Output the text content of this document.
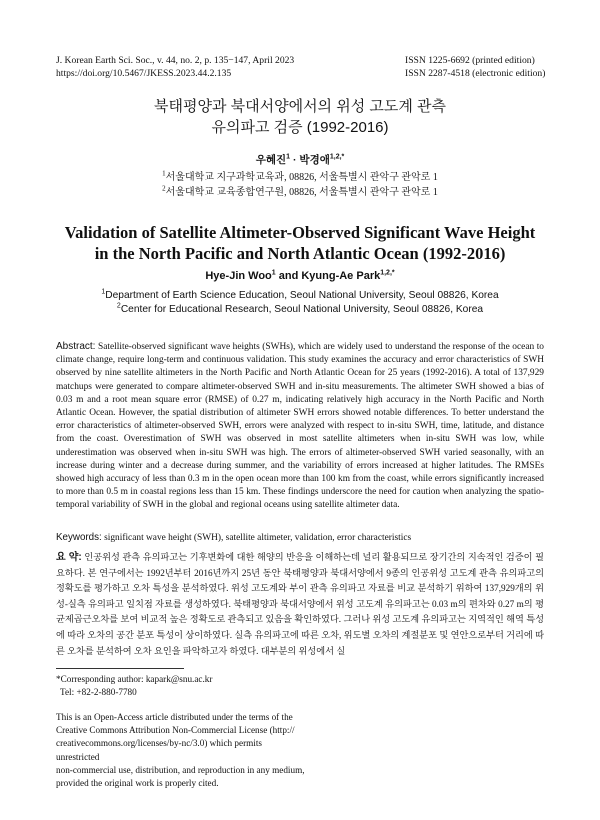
J. Korean Earth Sci. Soc., v. 44, no. 2, p. 135−147, April 2023
https://doi.org/10.5467/JKESS.2023.44.2.135
ISSN 1225-6692 (printed edition)
ISSN 2287-4518 (electronic edition)
북태평양과 북대서양에서의 위성 고도계 관측
유의파고 검증 (1992-2016)
우혜진$^1$ · 박경애$^{1,2,*}$
$^1$서울대학교 지구과학교육과, 08826, 서울특별시 관악구 관악로 1
$^2$서울대학교 교육종합연구원, 08826, 서울특별시 관악구 관악로 1
Validation of Satellite Altimeter-Observed Significant Wave Height
in the North Pacific and North Atlantic Ocean (1992-2016)
Hye-Jin Woo$^1$ and Kyung-Ae Park$^{1,2,*}$
$^1$Department of Earth Science Education, Seoul National University, Seoul 08826, Korea
$^2$Center for Educational Research, Seoul National University, Seoul 08826, Korea
Abstract: Satellite-observed significant wave heights (SWHs), which are widely used to understand the response of the ocean to climate change, require long-term and continuous validation. This study examines the accuracy and error characteristics of SWH observed by nine satellite altimeters in the North Pacific and North Atlantic Ocean for 25 years (1992-2016). A total of 137,929 matchups were generated to compare altimeter-observed SWH and in-situ measurements. The altimeter SWH showed a bias of 0.03 m and a root mean square error (RMSE) of 0.27 m, indicating relatively high accuracy in the North Pacific and North Atlantic Ocean. However, the spatial distribution of altimeter SWH errors showed notable differences. To better understand the error characteristics of altimeter-observed SWH, errors were analyzed with respect to in-situ SWH, time, latitude, and distance from the coast. Overestimation of SWH was observed in most satellite altimeters when in-situ SWH was low, while underestimation was observed when in-situ SWH was high. The errors of altimeter-observed SWH varied seasonally, with an increase during winter and a decrease during summer, and the variability of errors increased at higher latitudes. The RMSEs showed high accuracy of less than 0.3 m in the open ocean more than 100 km from the coast, while errors significantly increased to more than 0.5 m in coastal regions less than 15 km. These findings underscore the need for caution when analyzing the spatio-temporal variability of SWH in the global and regional oceans using satellite altimeter data.
Keywords: significant wave height (SWH), satellite altimeter, validation, error characteristics
요 약: 인공위성 관측 유의파고는 기후변화에 대한 해양의 반응을 이해하는데 널리 활용되므로 장기간의 지속적인 검증이 필요하다. 본 연구에서는 1992년부터 2016년까지 25년 동안 북태평양과 북대서양에서 9종의 인공위성 고도계 관측 유의파고의 정확도를 평가하고 오차 특성을 분석하였다. 위성 고도계와 부이 관측 유의파고 자료를 비교 분석하기 위하여 137,929개의 위성-실측 유의파고 일치점 자료를 생성하였다. 북태평양과 북대서양에서 위성 고도계 유의파고는 0.03 m의 편차와 0.27 m의 평균제곱근오차를 보여 비교적 높은 정확도로 관측되고 있음을 확인하였다. 그러나 위성 고도계 유의파고는 지역적인 해역 특성에 따라 오차의 공간 분포 특성이 상이하였다. 실측 유의파고에 따른 오차, 위도별 오차의 계절분포 및 연안으로부터 거리에 따른 오차를 분석하여 오차 요인을 파악하고자 하였다. 대부분의 위성에서 실
*Corresponding author: kapark@snu.ac.kr
Tel: +82-2-880-7780
This is an Open-Access article distributed under the terms of the
Creative Commons Attribution Non-Commercial License (http://
creativecommons.org/licenses/by-nc/3.0) which permits unrestricted
non-commercial use, distribution, and reproduction in any medium,
provided the original work is properly cited.
